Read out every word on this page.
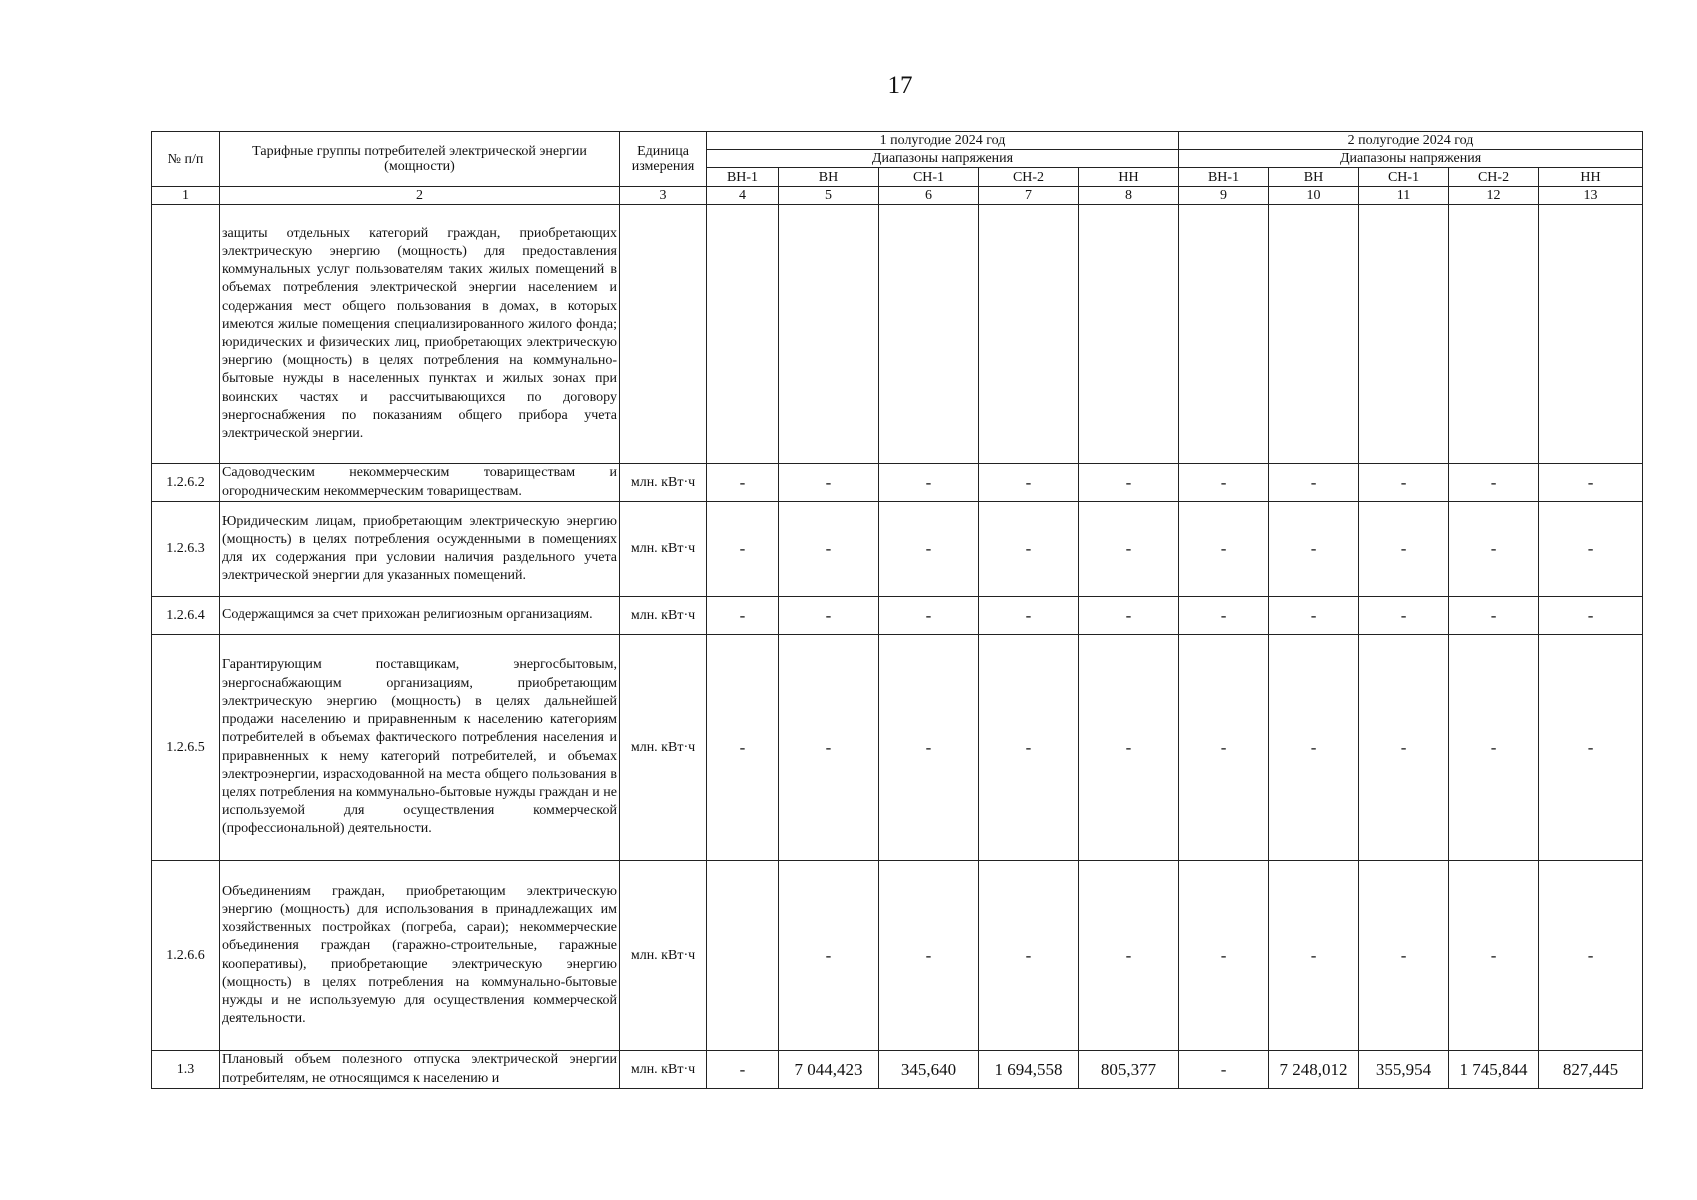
17
№ п/п	Тарифные группы потребителей электрической энергии (мощности)	Единица измерения	1 полугодие 2024 год					2 полугодие 2024 год				
			Диапазоны напряжения					Диапазоны напряжения				
			ВН-1	ВН	СН-1	СН-2	НН	ВН-1	ВН	СН-1	СН-2	НН
1	2	3	4	5	6	7	8	9	10	11	12	13
	защиты отдельных категорий граждан, приобретающих электрическую энергию (мощность) для предоставления коммунальных услуг пользователям таких жилых помещений в объемах потребления электрической энергии населением и содержания мест общего пользования в домах, в которых имеются жилые помещения специализированного жилого фонда; юридических и физических лиц, приобретающих электрическую энергию (мощность) в целях потребления на коммунально-бытовые нужды в населенных пунктах и жилых зонах при воинских частях и рассчитывающихся по договору энергоснабжения по показаниям общего прибора учета электрической энергии.											
1.2.6.2	Садоводческим некоммерческим товариществам и огородническим некоммерческим товариществам.	млн. кВт·ч	-	-	-	-	-	-	-	-	-	-
1.2.6.3	Юридическим лицам, приобретающим электрическую энергию (мощность) в целях потребления осужденными в помещениях для их содержания при условии наличия раздельного учета электрической энергии для указанных помещений.	млн. кВт·ч	-	-	-	-	-	-	-	-	-	-
1.2.6.4	Содержащимся за счет прихожан религиозным организациям.	млн. кВт·ч	-	-	-	-	-	-	-	-	-	-
1.2.6.5	Гарантирующим поставщикам, энергосбытовым, энергоснабжающим организациям, приобретающим электрическую энергию (мощность) в целях дальнейшей продажи населению и приравненным к населению категориям потребителей в объемах фактического потребления населения и приравненных к нему категорий потребителей, и объемах электроэнергии, израсходованной на места общего пользования в целях потребления на коммунально-бытовые нужды граждан и не используемой для осуществления коммерческой (профессиональной) деятельности.	млн. кВт·ч	-	-	-	-	-	-	-	-	-	-
1.2.6.6	Объединениям граждан, приобретающим электрическую энергию (мощность) для использования в принадлежащих им хозяйственных постройках (погреба, сараи); некоммерческие объединения граждан (гаражно-строительные, гаражные кооперативы), приобретающие электрическую энергию (мощность) в целях потребления на коммунально-бытовые нужды и не используемую для осуществления коммерческой деятельности.	млн. кВт·ч		-	-	-	-	-	-	-	-	-
1.3	Плановый объем полезного отпуска электрической энергии потребителям, не относящимся к населению и	млн. кВт·ч	-	7 044,423	345,640	1 694,558	805,377	-	7 248,012	355,954	1 745,844	827,445
